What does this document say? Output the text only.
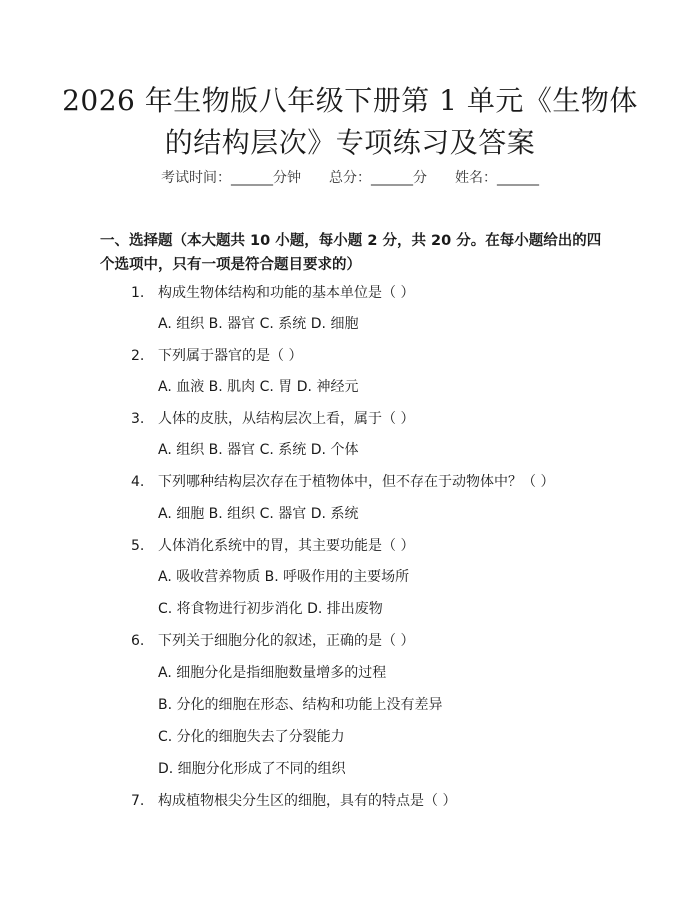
2026 年生物版八年级下册第 1 单元《生物体
的结构层次》专项练习及答案
考试时间：______分钟 总分：______分 姓名：______
一、选择题（本大题共 10 小题，每小题 2 分，共 20 分。在每小题给出的四个选项中，只有一项是符合题目要求的）
1. 构成生物体结构和功能的基本单位是（ ）
A. 组织 B. 器官 C. 系统 D. 细胞
2. 下列属于器官的是（ ）
A. 血液 B. 肌肉 C. 胃 D. 神经元
3. 人体的皮肤，从结构层次上看，属于（ ）
A. 组织 B. 器官 C. 系统 D. 个体
4. 下列哪种结构层次存在于植物体中，但不存在于动物体中？（ ）
A. 细胞 B. 组织 C. 器官 D. 系统
5. 人体消化系统中的胃，其主要功能是（ ）
A. 吸收营养物质 B. 呼吸作用的主要场所
C. 将食物进行初步消化 D. 排出废物
6. 下列关于细胞分化的叙述，正确的是（ ）
A. 细胞分化是指细胞数量增多的过程
B. 分化的细胞在形态、结构和功能上没有差异
C. 分化的细胞失去了分裂能力
D. 细胞分化形成了不同的组织
7. 构成植物根尖分生区的细胞，具有的特点是（ ）
